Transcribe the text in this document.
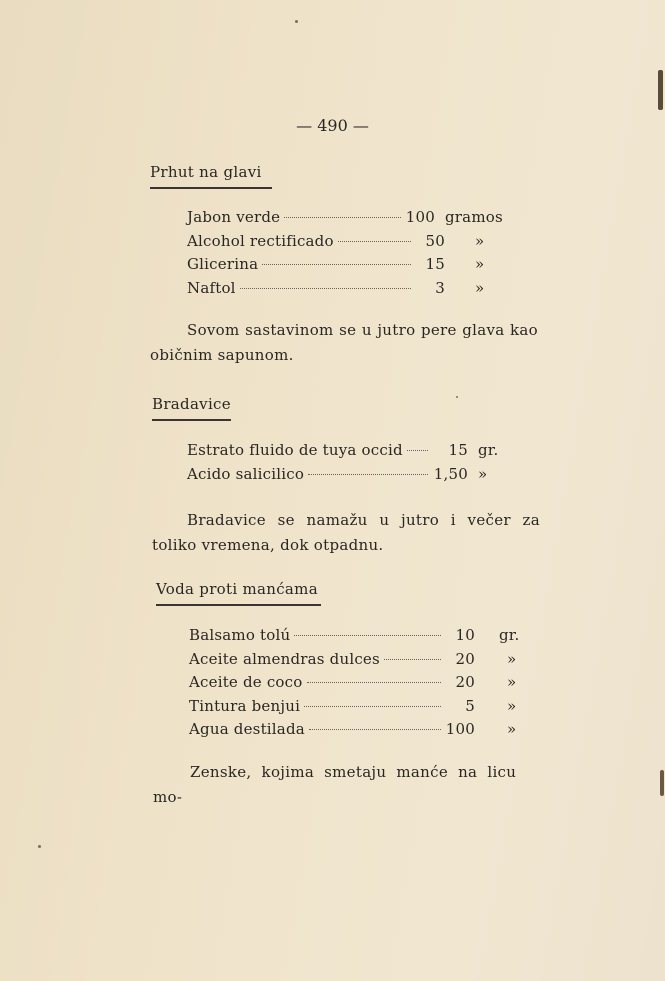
— 490 —
Prhut na glavi
Jabon verde	100 gramos
Alcohol rectificado	50	»
Glicerina	15	»
Naftol	3	»
Sovom sastavinom se u jutro pere glava kao običnim sapunom.
Bradavice
Estrato fluido de tuya occid	15 gr.
Acido salicilico	1,50 »
Bradavice se namažu u jutro i večer za toliko vremena, dok otpadnu.
Voda proti manćama
Balsamo tolú	10	gr.
Aceite almendras dulces	20	»
Aceite de coco	20	»
Tintura benjui	5	»
Agua destilada	100	»
Zenske, kojima smetaju manće na licu mo-
